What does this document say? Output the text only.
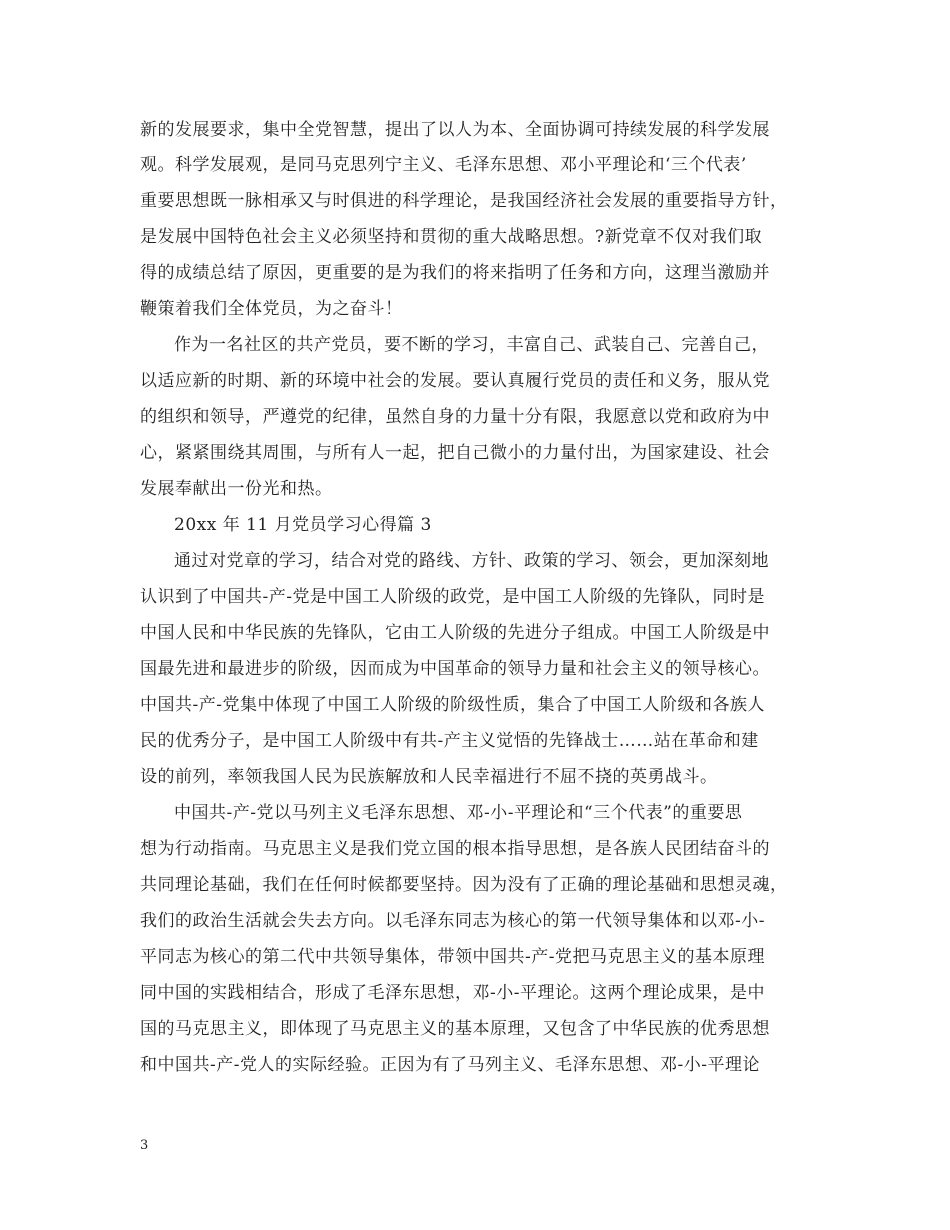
新的发展要求，集中全党智慧，提出了以人为本、全面协调可持续发展的科学发展
观。科学发展观，是同马克思列宁主义、毛泽东思想、邓小平理论和‘三个代表’
重要思想既一脉相承又与时俱进的科学理论，是我国经济社会发展的重要指导方针，
是发展中国特色社会主义必须坚持和贯彻的重大战略思想。?新党章不仅对我们取
得的成绩总结了原因，更重要的是为我们的将来指明了任务和方向，这理当激励并
鞭策着我们全体党员，为之奋斗！
作为一名社区的共产党员，要不断的学习，丰富自己、武装自己、完善自己，
以适应新的时期、新的环境中社会的发展。要认真履行党员的责任和义务，服从党
的组织和领导，严遵党的纪律，虽然自身的力量十分有限，我愿意以党和政府为中
心，紧紧围绕其周围，与所有人一起，把自己微小的力量付出，为国家建设、社会
发展奉献出一份光和热。
20xx 年 11 月党员学习心得篇 3
通过对党章的学习，结合对党的路线、方针、政策的学习、领会，更加深刻地
认识到了中国共-产-党是中国工人阶级的政党，是中国工人阶级的先锋队，同时是
中国人民和中华民族的先锋队，它由工人阶级的先进分子组成。中国工人阶级是中
国最先进和最进步的阶级，因而成为中国革命的领导力量和社会主义的领导核心。
中国共-产-党集中体现了中国工人阶级的阶级性质，集合了中国工人阶级和各族人
民的优秀分子，是中国工人阶级中有共-产主义觉悟的先锋战士……站在革命和建
设的前列，率领我国人民为民族解放和人民幸福进行不屈不挠的英勇战斗。
中国共-产-党以马列主义毛泽东思想、邓-小-平理论和“三个代表”的重要思
想为行动指南。马克思主义是我们党立国的根本指导思想，是各族人民团结奋斗的
共同理论基础，我们在任何时候都要坚持。因为没有了正确的理论基础和思想灵魂，
我们的政治生活就会失去方向。以毛泽东同志为核心的第一代领导集体和以邓-小-
平同志为核心的第二代中共领导集体，带领中国共-产-党把马克思主义的基本原理
同中国的实践相结合，形成了毛泽东思想，邓-小-平理论。这两个理论成果，是中
国的马克思主义，即体现了马克思主义的基本原理，又包含了中华民族的优秀思想
和中国共-产-党人的实际经验。正因为有了马列主义、毛泽东思想、邓-小-平理论
3
